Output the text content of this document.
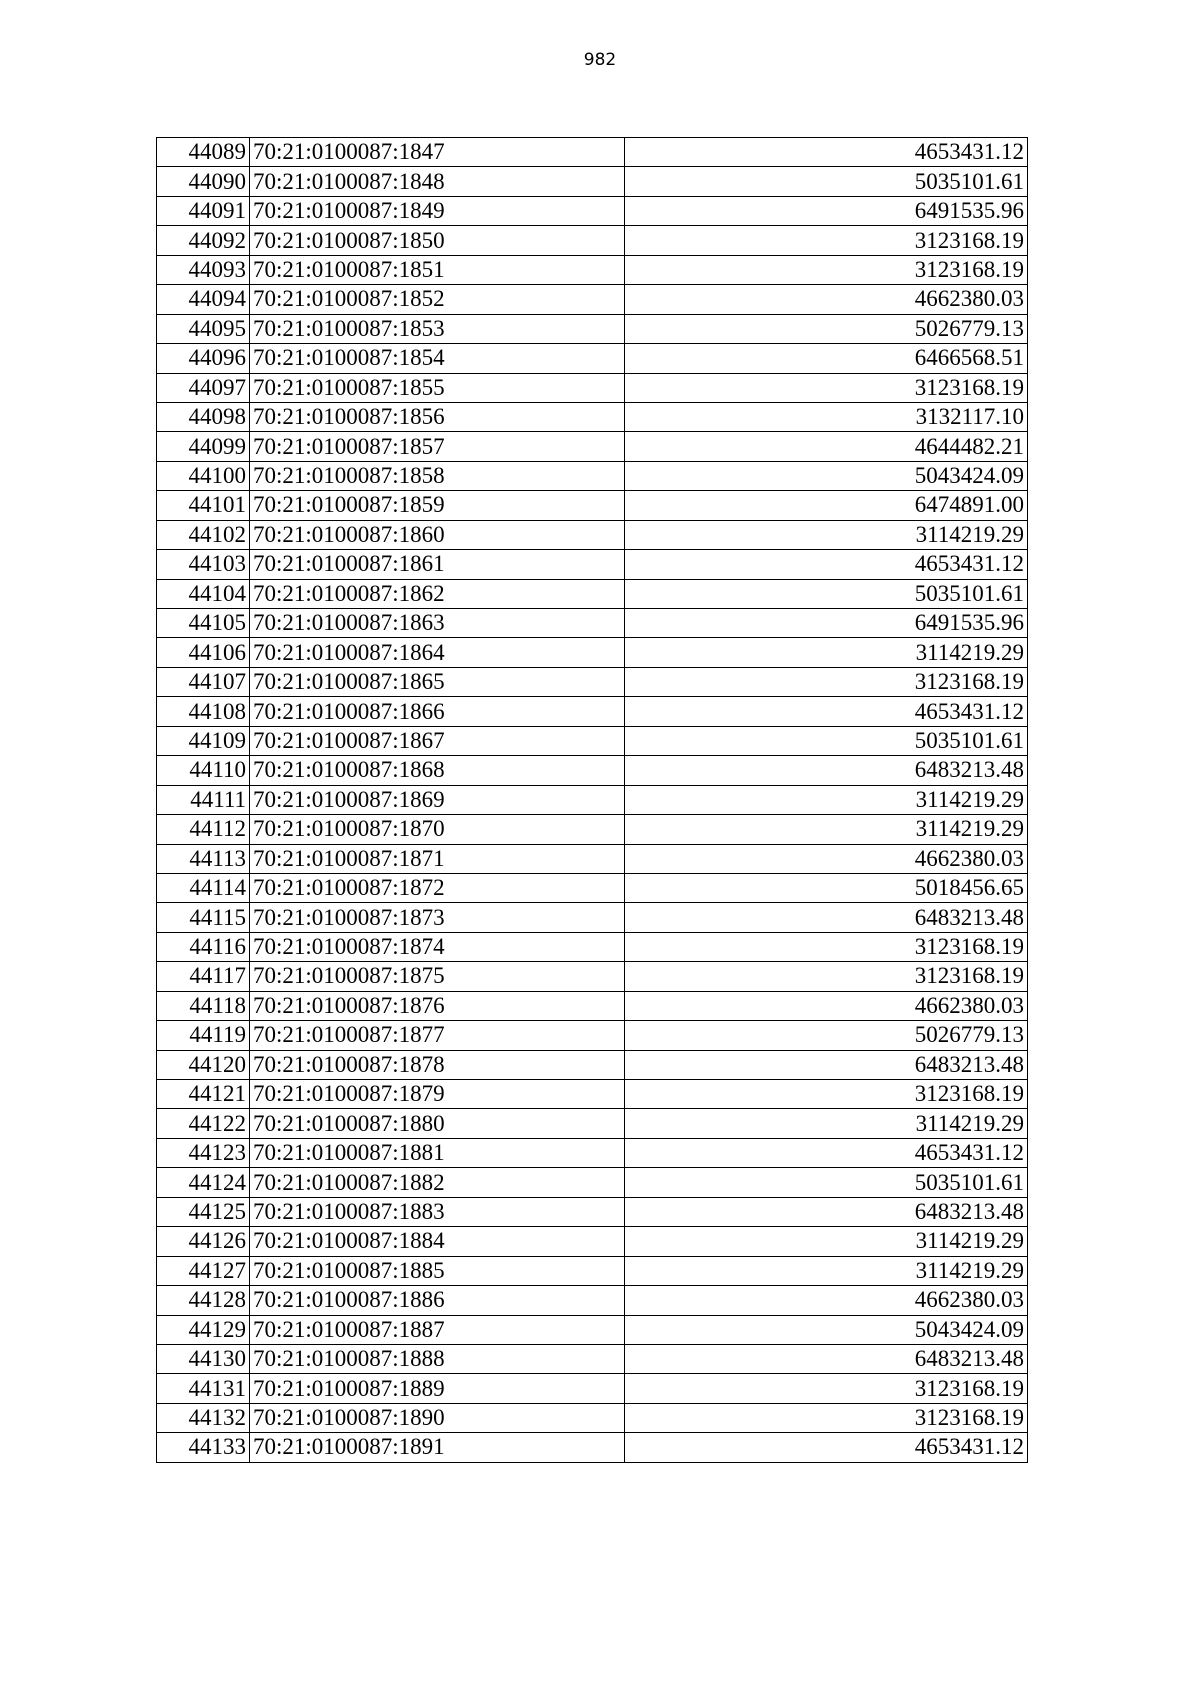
982
44089	70:21:0100087:1847	4653431.12
44090	70:21:0100087:1848	5035101.61
44091	70:21:0100087:1849	6491535.96
44092	70:21:0100087:1850	3123168.19
44093	70:21:0100087:1851	3123168.19
44094	70:21:0100087:1852	4662380.03
44095	70:21:0100087:1853	5026779.13
44096	70:21:0100087:1854	6466568.51
44097	70:21:0100087:1855	3123168.19
44098	70:21:0100087:1856	3132117.10
44099	70:21:0100087:1857	4644482.21
44100	70:21:0100087:1858	5043424.09
44101	70:21:0100087:1859	6474891.00
44102	70:21:0100087:1860	3114219.29
44103	70:21:0100087:1861	4653431.12
44104	70:21:0100087:1862	5035101.61
44105	70:21:0100087:1863	6491535.96
44106	70:21:0100087:1864	3114219.29
44107	70:21:0100087:1865	3123168.19
44108	70:21:0100087:1866	4653431.12
44109	70:21:0100087:1867	5035101.61
44110	70:21:0100087:1868	6483213.48
44111	70:21:0100087:1869	3114219.29
44112	70:21:0100087:1870	3114219.29
44113	70:21:0100087:1871	4662380.03
44114	70:21:0100087:1872	5018456.65
44115	70:21:0100087:1873	6483213.48
44116	70:21:0100087:1874	3123168.19
44117	70:21:0100087:1875	3123168.19
44118	70:21:0100087:1876	4662380.03
44119	70:21:0100087:1877	5026779.13
44120	70:21:0100087:1878	6483213.48
44121	70:21:0100087:1879	3123168.19
44122	70:21:0100087:1880	3114219.29
44123	70:21:0100087:1881	4653431.12
44124	70:21:0100087:1882	5035101.61
44125	70:21:0100087:1883	6483213.48
44126	70:21:0100087:1884	3114219.29
44127	70:21:0100087:1885	3114219.29
44128	70:21:0100087:1886	4662380.03
44129	70:21:0100087:1887	5043424.09
44130	70:21:0100087:1888	6483213.48
44131	70:21:0100087:1889	3123168.19
44132	70:21:0100087:1890	3123168.19
44133	70:21:0100087:1891	4653431.12
